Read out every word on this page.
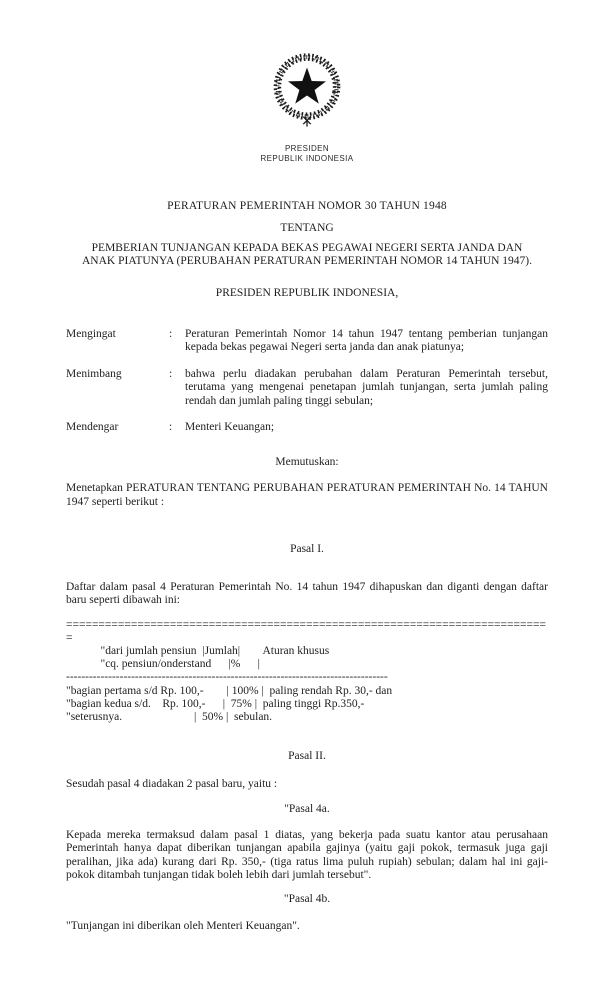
PRESIDEN
REPUBLIK INDONESIA
PERATURAN PEMERINTAH NOMOR 30 TAHUN 1948
TENTANG
PEMBERIAN TUNJANGAN KEPADA BEKAS PEGAWAI NEGERI SERTA JANDA DAN ANAK PIATUNYA (PERUBAHAN PERATURAN PEMERINTAH NOMOR 14 TAHUN 1947).
PRESIDEN REPUBLIK INDONESIA,
Mengingat	:	Peraturan Pemerintah Nomor 14 tahun 1947 tentang pemberian tunjangan kepada bekas pegawai Negeri serta janda dan anak piatunya;
Menimbang	:	bahwa perlu diadakan perubahan dalam Peraturan Pemerintah tersebut, terutama yang mengenai penetapan jumlah tunjangan, serta jumlah paling rendah dan jumlah paling tinggi sebulan;
Mendengar	:	Menteri Keuangan;
Memutuskan:
Menetapkan PERATURAN TENTANG PERUBAHAN PERATURAN PEMERINTAH No. 14 TAHUN 1947 seperti berikut :
Pasal I.
Daftar dalam pasal 4 Peraturan Pemerintah No. 14 tahun 1947 dihapuskan dan diganti dengan daftar baru seperti dibawah ini:
==========================================================================
=
"dari jumlah pensiun  |Jumlah|        Aturan khusus
"cq. pensiun/onderstand      |%      |
------------------------------------------------------------------------------------
"bagian pertama s/d Rp. 100,-        | 100% |  paling rendah Rp. 30,- dan
"bagian kedua s/d.    Rp. 100,-      |  75% |  paling tinggi Rp.350,-
"seterusnya.                         |  50% |  sebulan.
Pasal II.
Sesudah pasal 4 diadakan 2 pasal baru, yaitu :
"Pasal 4a.
Kepada mereka termaksud dalam pasal 1 diatas, yang bekerja pada suatu kantor atau perusahaan Pemerintah hanya dapat diberikan tunjangan apabila gajinya (yaitu gaji pokok, termasuk juga gaji peralihan, jika ada) kurang dari Rp. 350,- (tiga ratus lima puluh rupiah) sebulan; dalam hal ini gaji-pokok ditambah tunjangan tidak boleh lebih dari jumlah tersebut".
"Pasal 4b.
"Tunjangan ini diberikan oleh Menteri Keuangan".
